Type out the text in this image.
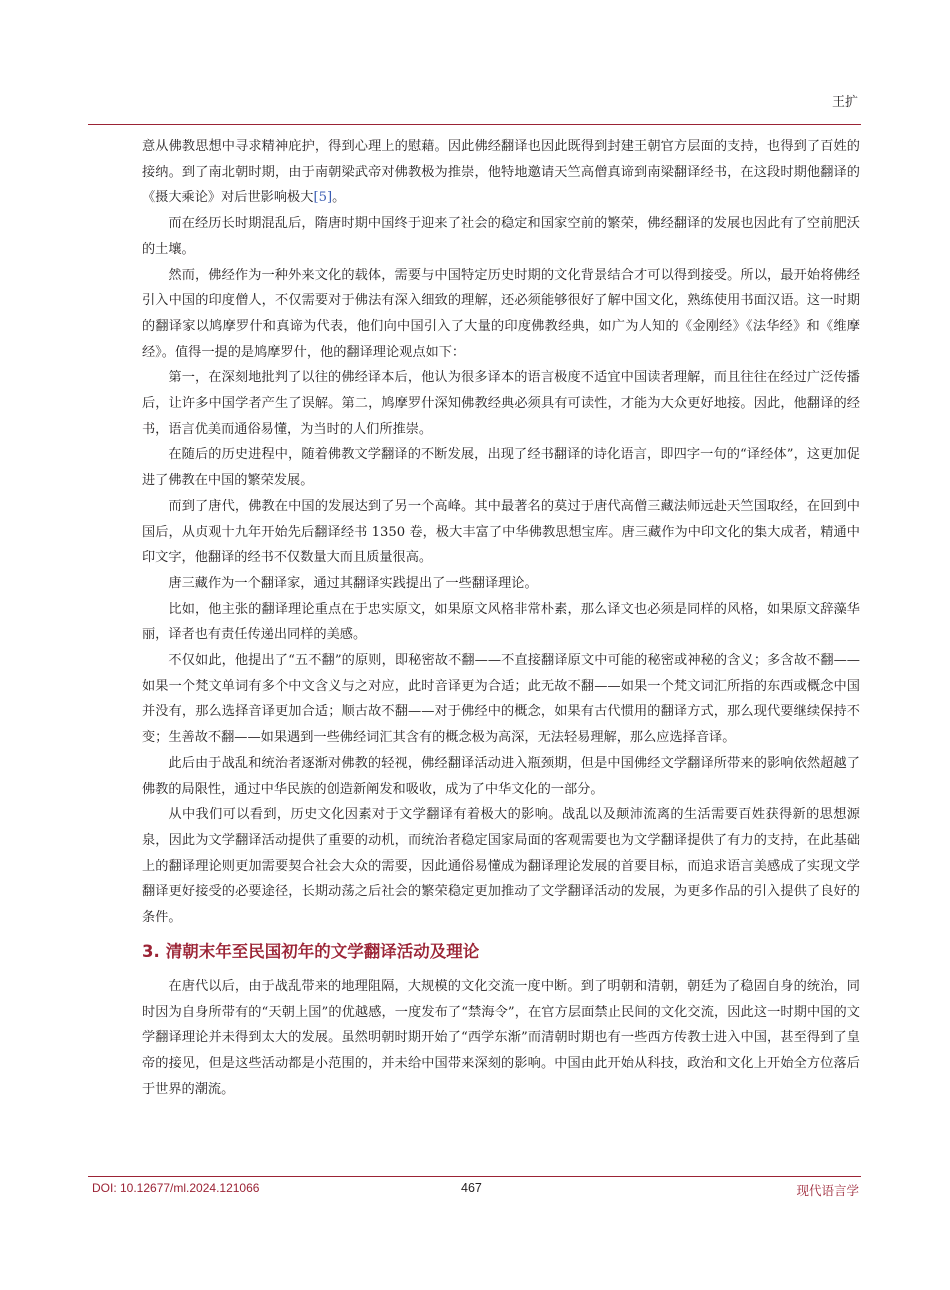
王扩

意从佛教思想中寻求精神庇护，得到心理上的慰藉。因此佛经翻译也因此既得到封建王朝官方层面的支持，也得到了百姓的接纳。到了南北朝时期，由于南朝梁武帝对佛教极为推崇，他特地邀请天竺高僧真谛到南梁翻译经书，在这段时期他翻译的《摄大乘论》对后世影响极大[5]。

而在经历长时期混乱后，隋唐时期中国终于迎来了社会的稳定和国家空前的繁荣，佛经翻译的发展也因此有了空前肥沃的土壤。

然而，佛经作为一种外来文化的载体，需要与中国特定历史时期的文化背景结合才可以得到接受。所以，最开始将佛经引入中国的印度僧人，不仅需要对于佛法有深入细致的理解，还必须能够很好了解中国文化，熟练使用书面汉语。这一时期的翻译家以鸠摩罗什和真谛为代表，他们向中国引入了大量的印度佛教经典，如广为人知的《金刚经》《法华经》和《维摩经》。值得一提的是鸠摩罗什，他的翻译理论观点如下：

第一，在深刻地批判了以往的佛经译本后，他认为很多译本的语言极度不适宜中国读者理解，而且往往在经过广泛传播后，让许多中国学者产生了误解。第二，鸠摩罗什深知佛教经典必须具有可读性，才能为大众更好地接。因此，他翻译的经书，语言优美而通俗易懂，为当时的人们所推崇。

在随后的历史进程中，随着佛教文学翻译的不断发展，出现了经书翻译的诗化语言，即四字一句的“译经体”，这更加促进了佛教在中国的繁荣发展。

而到了唐代，佛教在中国的发展达到了另一个高峰。其中最著名的莫过于唐代高僧三藏法师远赴天竺国取经，在回到中国后，从贞观十九年开始先后翻译经书 1350 卷，极大丰富了中华佛教思想宝库。唐三藏作为中印文化的集大成者，精通中印文字，他翻译的经书不仅数量大而且质量很高。

唐三藏作为一个翻译家，通过其翻译实践提出了一些翻译理论。

比如，他主张的翻译理论重点在于忠实原文，如果原文风格非常朴素，那么译文也必须是同样的风格，如果原文辞藻华丽，译者也有责任传递出同样的美感。

不仅如此，他提出了“五不翻”的原则，即秘密故不翻——不直接翻译原文中可能的秘密或神秘的含义；多含故不翻——如果一个梵文单词有多个中文含义与之对应，此时音译更为合适；此无故不翻——如果一个梵文词汇所指的东西或概念中国并没有，那么选择音译更加合适；顺古故不翻——对于佛经中的概念，如果有古代惯用的翻译方式，那么现代要继续保持不变；生善故不翻——如果遇到一些佛经词汇其含有的概念极为高深，无法轻易理解，那么应选择音译。

此后由于战乱和统治者逐渐对佛教的轻视，佛经翻译活动进入瓶颈期，但是中国佛经文学翻译所带来的影响依然超越了佛教的局限性，通过中华民族的创造新阐发和吸收，成为了中华文化的一部分。

从中我们可以看到，历史文化因素对于文学翻译有着极大的影响。战乱以及颠沛流离的生活需要百姓获得新的思想源泉，因此为文学翻译活动提供了重要的动机，而统治者稳定国家局面的客观需要也为文学翻译提供了有力的支持，在此基础上的翻译理论则更加需要契合社会大众的需要，因此通俗易懂成为翻译理论发展的首要目标，而追求语言美感成了实现文学翻译更好接受的必要途径，长期动荡之后社会的繁荣稳定更加推动了文学翻译活动的发展，为更多作品的引入提供了良好的条件。

3. 清朝末年至民国初年的文学翻译活动及理论

在唐代以后，由于战乱带来的地理阻隔，大规模的文化交流一度中断。到了明朝和清朝，朝廷为了稳固自身的统治，同时因为自身所带有的“天朝上国”的优越感，一度发布了“禁海令”，在官方层面禁止民间的文化交流，因此这一时期中国的文学翻译理论并未得到太大的发展。虽然明朝时期开始了“西学东渐”而清朝时期也有一些西方传教士进入中国，甚至得到了皇帝的接见，但是这些活动都是小范围的，并未给中国带来深刻的影响。中国由此开始从科技，政治和文化上开始全方位落后于世界的潮流。

DOI: 10.12677/ml.2024.121066	467	现代语言学
